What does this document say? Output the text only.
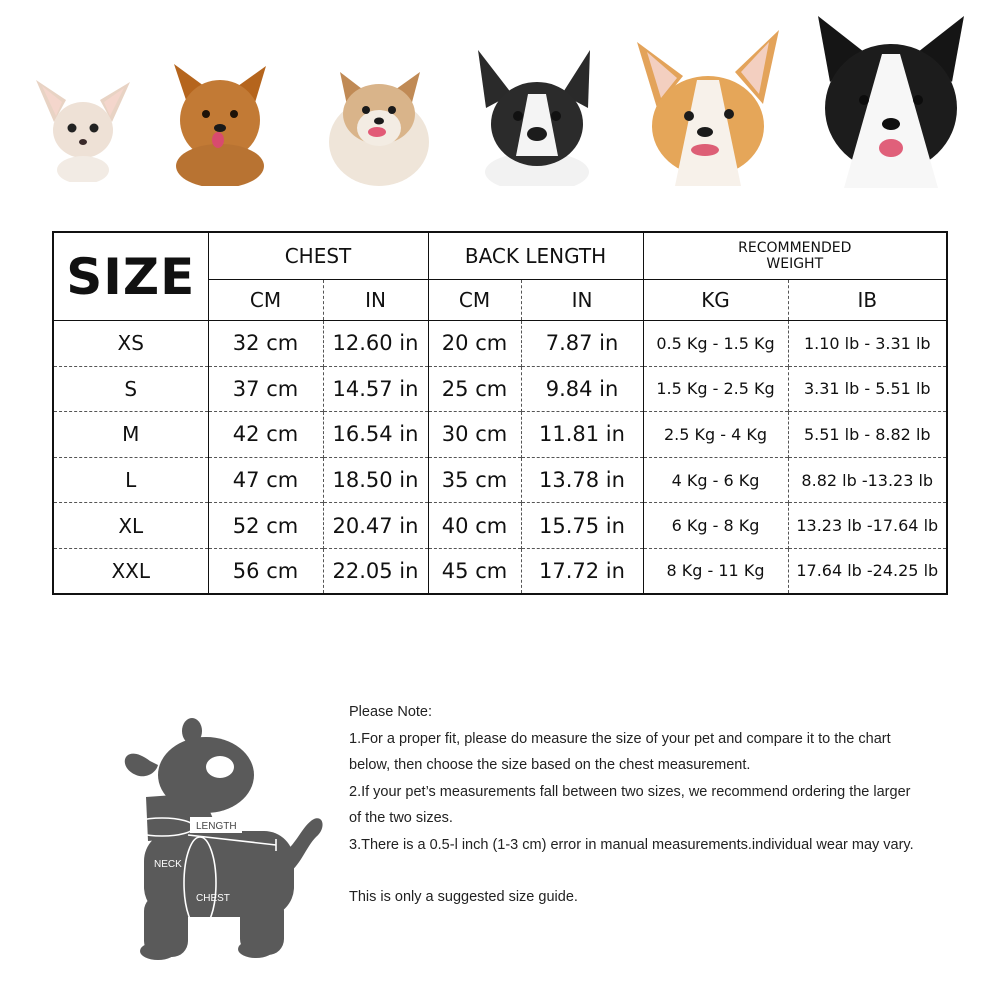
SIZE	CHEST		BACK LENGTH		RECOMMENDED
WEIGHT	
	CM	IN	CM	IN	KG	IB
XS	32 cm	12.60 in	20 cm	7.87 in	0.5 Kg - 1.5 Kg	1.10 lb - 3.31 lb
S	37 cm	14.57 in	25 cm	9.84 in	1.5 Kg - 2.5 Kg	3.31 lb - 5.51 lb
M	42 cm	16.54 in	30 cm	11.81 in	2.5 Kg - 4 Kg	5.51 lb - 8.82 lb
L	47 cm	18.50 in	35 cm	13.78 in	4 Kg - 6 Kg	8.82 lb -13.23 lb
XL	52 cm	20.47 in	40 cm	15.75 in	6 Kg - 8 Kg	13.23 lb -17.64 lb
XXL	56 cm	22.05 in	45 cm	17.72 in	8 Kg - 11 Kg	17.64 lb -24.25 lb
LENGTH
NECK
CHEST

Please Note:

1.For a proper fit, please do measure the size of your pet and compare it to the chart

below, then choose the size based on the chest measurement.

2.If your pet’s measurements fall between two sizes, we recommend ordering the larger

of the two sizes.

3.There is a 0.5-l inch (1-3 cm) error in manual measurements.individual wear may vary.

This is only a suggested size guide.
